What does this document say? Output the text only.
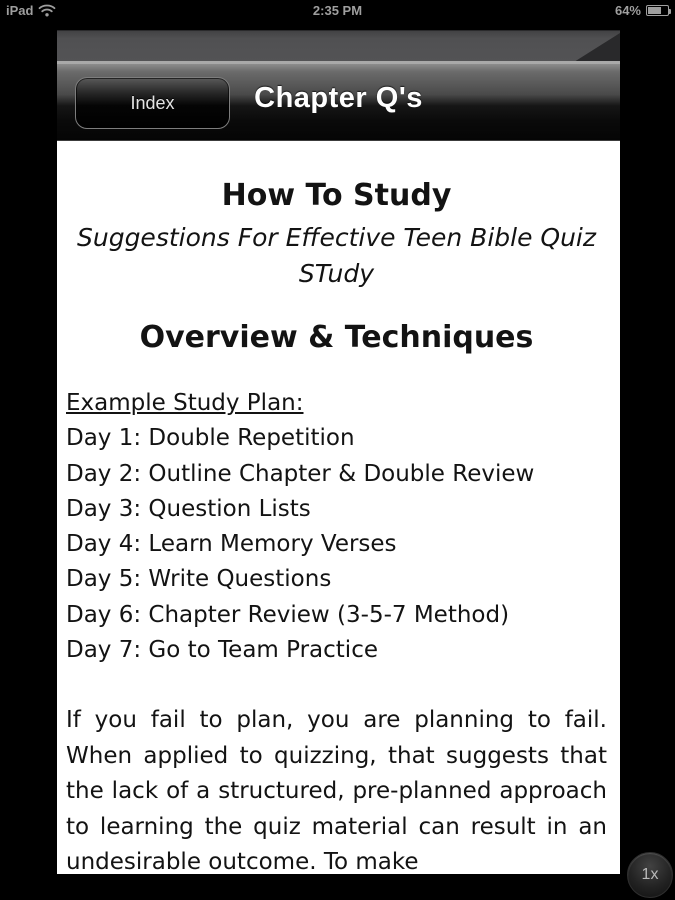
iPad	2:35 PM	64%
Index	Chapter Q's
How To Study
Suggestions For Effective Teen Bible Quiz STudy
Overview & Techniques
Example Study Plan:
Day 1: Double Repetition
Day 2: Outline Chapter & Double Review
Day 3: Question Lists
Day 4: Learn Memory Verses
Day 5: Write Questions
Day 6: Chapter Review (3-5-7 Method)
Day 7: Go to Team Practice
If you fail to plan, you are planning to fail. When applied to quizzing, that suggests that the lack of a structured, pre-planned approach to learning the quiz material can result in an undesirable outcome. To make	1x
